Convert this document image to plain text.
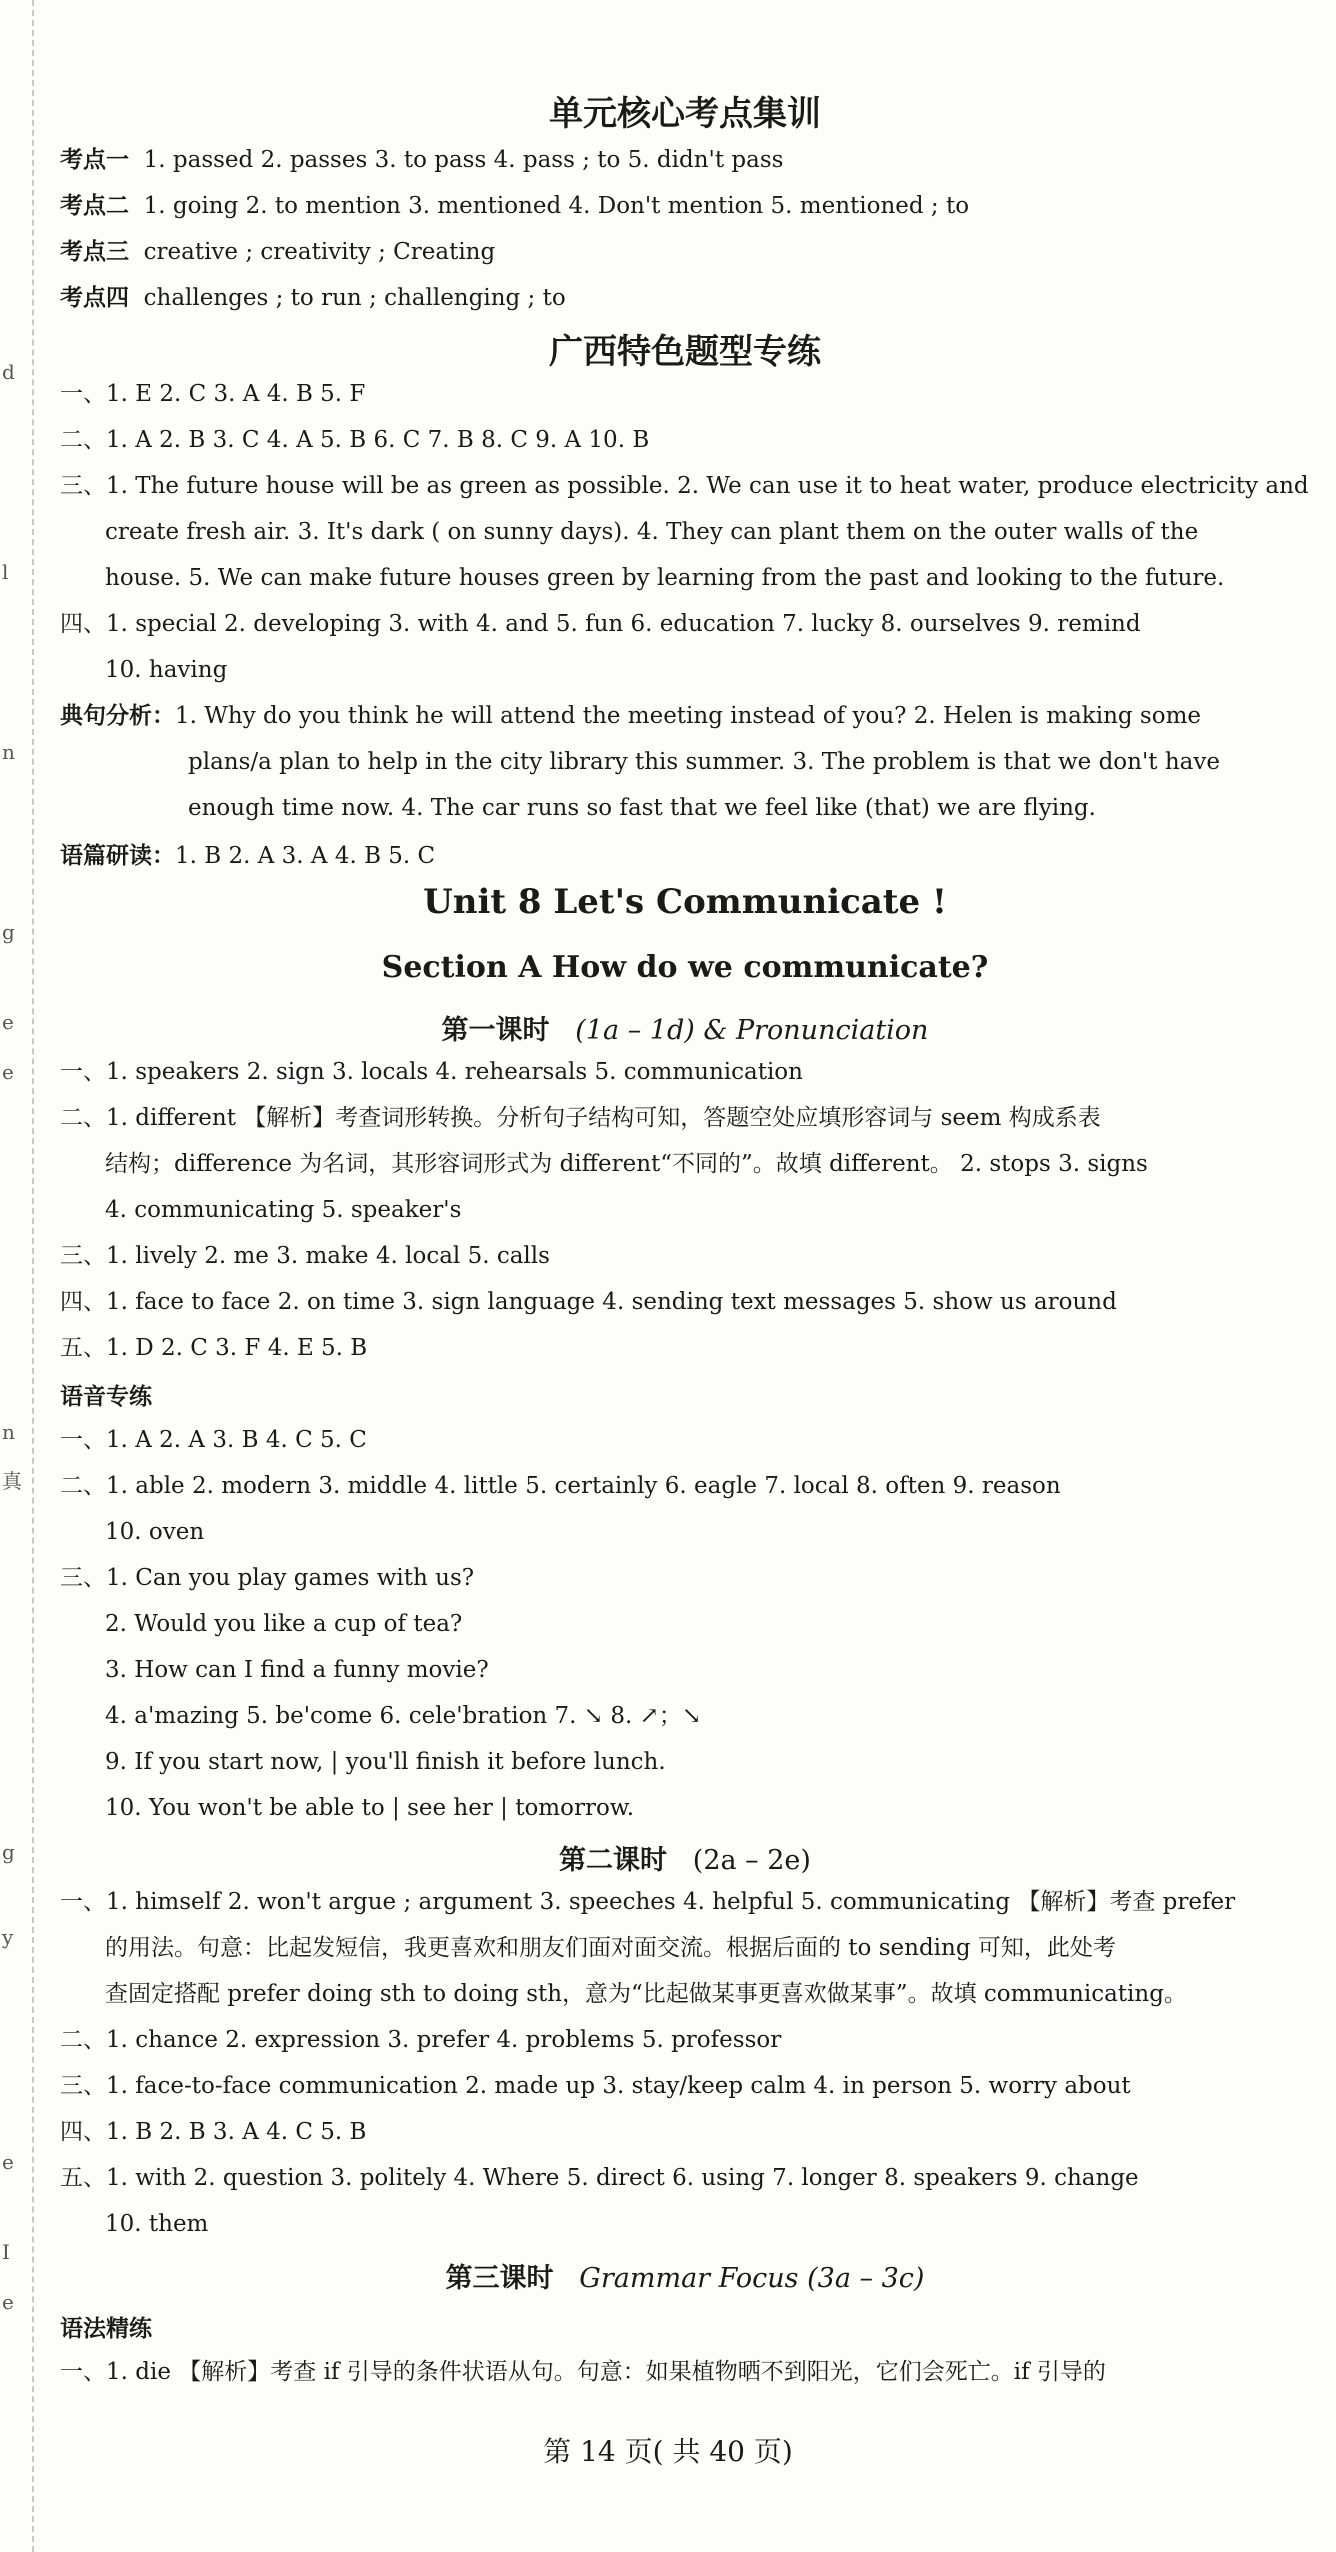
d
l
n
g
e
e
n
真
g
y
e
I
e
单元核心考点集训
考点一 1. passed 2. passes 3. to pass 4. pass ; to 5. didn't pass
考点二 1. going 2. to mention 3. mentioned 4. Don't mention 5. mentioned ; to
考点三 creative ; creativity ; Creating
考点四 challenges ; to run ; challenging ; to
广西特色题型专练
一、1. E 2. C 3. A 4. B 5. F
二、1. A 2. B 3. C 4. A 5. B 6. C 7. B 8. C 9. A 10. B
三、1. The future house will be as green as possible. 2. We can use it to heat water, produce electricity and
create fresh air. 3. It's dark ( on sunny days). 4. They can plant them on the outer walls of the
house. 5. We can make future houses green by learning from the past and looking to the future.
四、1. special 2. developing 3. with 4. and 5. fun 6. education 7. lucky 8. ourselves 9. remind
10. having
典句分析：1. Why do you think he will attend the meeting instead of you? 2. Helen is making some
plans/a plan to help in the city library this summer. 3. The problem is that we don't have
enough time now. 4. The car runs so fast that we feel like (that) we are flying.
语篇研读：1. B 2. A 3. A 4. B 5. C
Unit 8 Let's Communicate !
Section A How do we communicate?
第一课时 (1a – 1d) & Pronunciation
一、1. speakers 2. sign 3. locals 4. rehearsals 5. communication
二、1. different 【解析】考查词形转换。分析句子结构可知，答题空处应填形容词与 seem 构成系表
结构；difference 为名词，其形容词形式为 different“不同的”。故填 different。 2. stops 3. signs
4. communicating 5. speaker's
三、1. lively 2. me 3. make 4. local 5. calls
四、1. face to face 2. on time 3. sign language 4. sending text messages 5. show us around
五、1. D 2. C 3. F 4. E 5. B
语音专练
一、1. A 2. A 3. B 4. C 5. C
二、1. able 2. modern 3. middle 4. little 5. certainly 6. eagle 7. local 8. often 9. reason
10. oven
三、1. Can you play games with us?
2. Would you like a cup of tea?
3. How can I find a funny movie?
4. a'mazing 5. be'come 6. cele'bration 7. ↘ 8. ↗；↘
9. If you start now, | you'll finish it before lunch.
10. You won't be able to | see her | tomorrow.
第二课时 (2a – 2e)
一、1. himself 2. won't argue ; argument 3. speeches 4. helpful 5. communicating 【解析】考查 prefer
的用法。句意：比起发短信，我更喜欢和朋友们面对面交流。根据后面的 to sending 可知，此处考
查固定搭配 prefer doing sth to doing sth，意为“比起做某事更喜欢做某事”。故填 communicating。
二、1. chance 2. expression 3. prefer 4. problems 5. professor
三、1. face-to-face communication 2. made up 3. stay/keep calm 4. in person 5. worry about
四、1. B 2. B 3. A 4. C 5. B
五、1. with 2. question 3. politely 4. Where 5. direct 6. using 7. longer 8. speakers 9. change
10. them
第三课时 Grammar Focus (3a – 3c)
语法精练
一、1. die 【解析】考查 if 引导的条件状语从句。句意：如果植物晒不到阳光，它们会死亡。if 引导的
第 14 页( 共 40 页)
